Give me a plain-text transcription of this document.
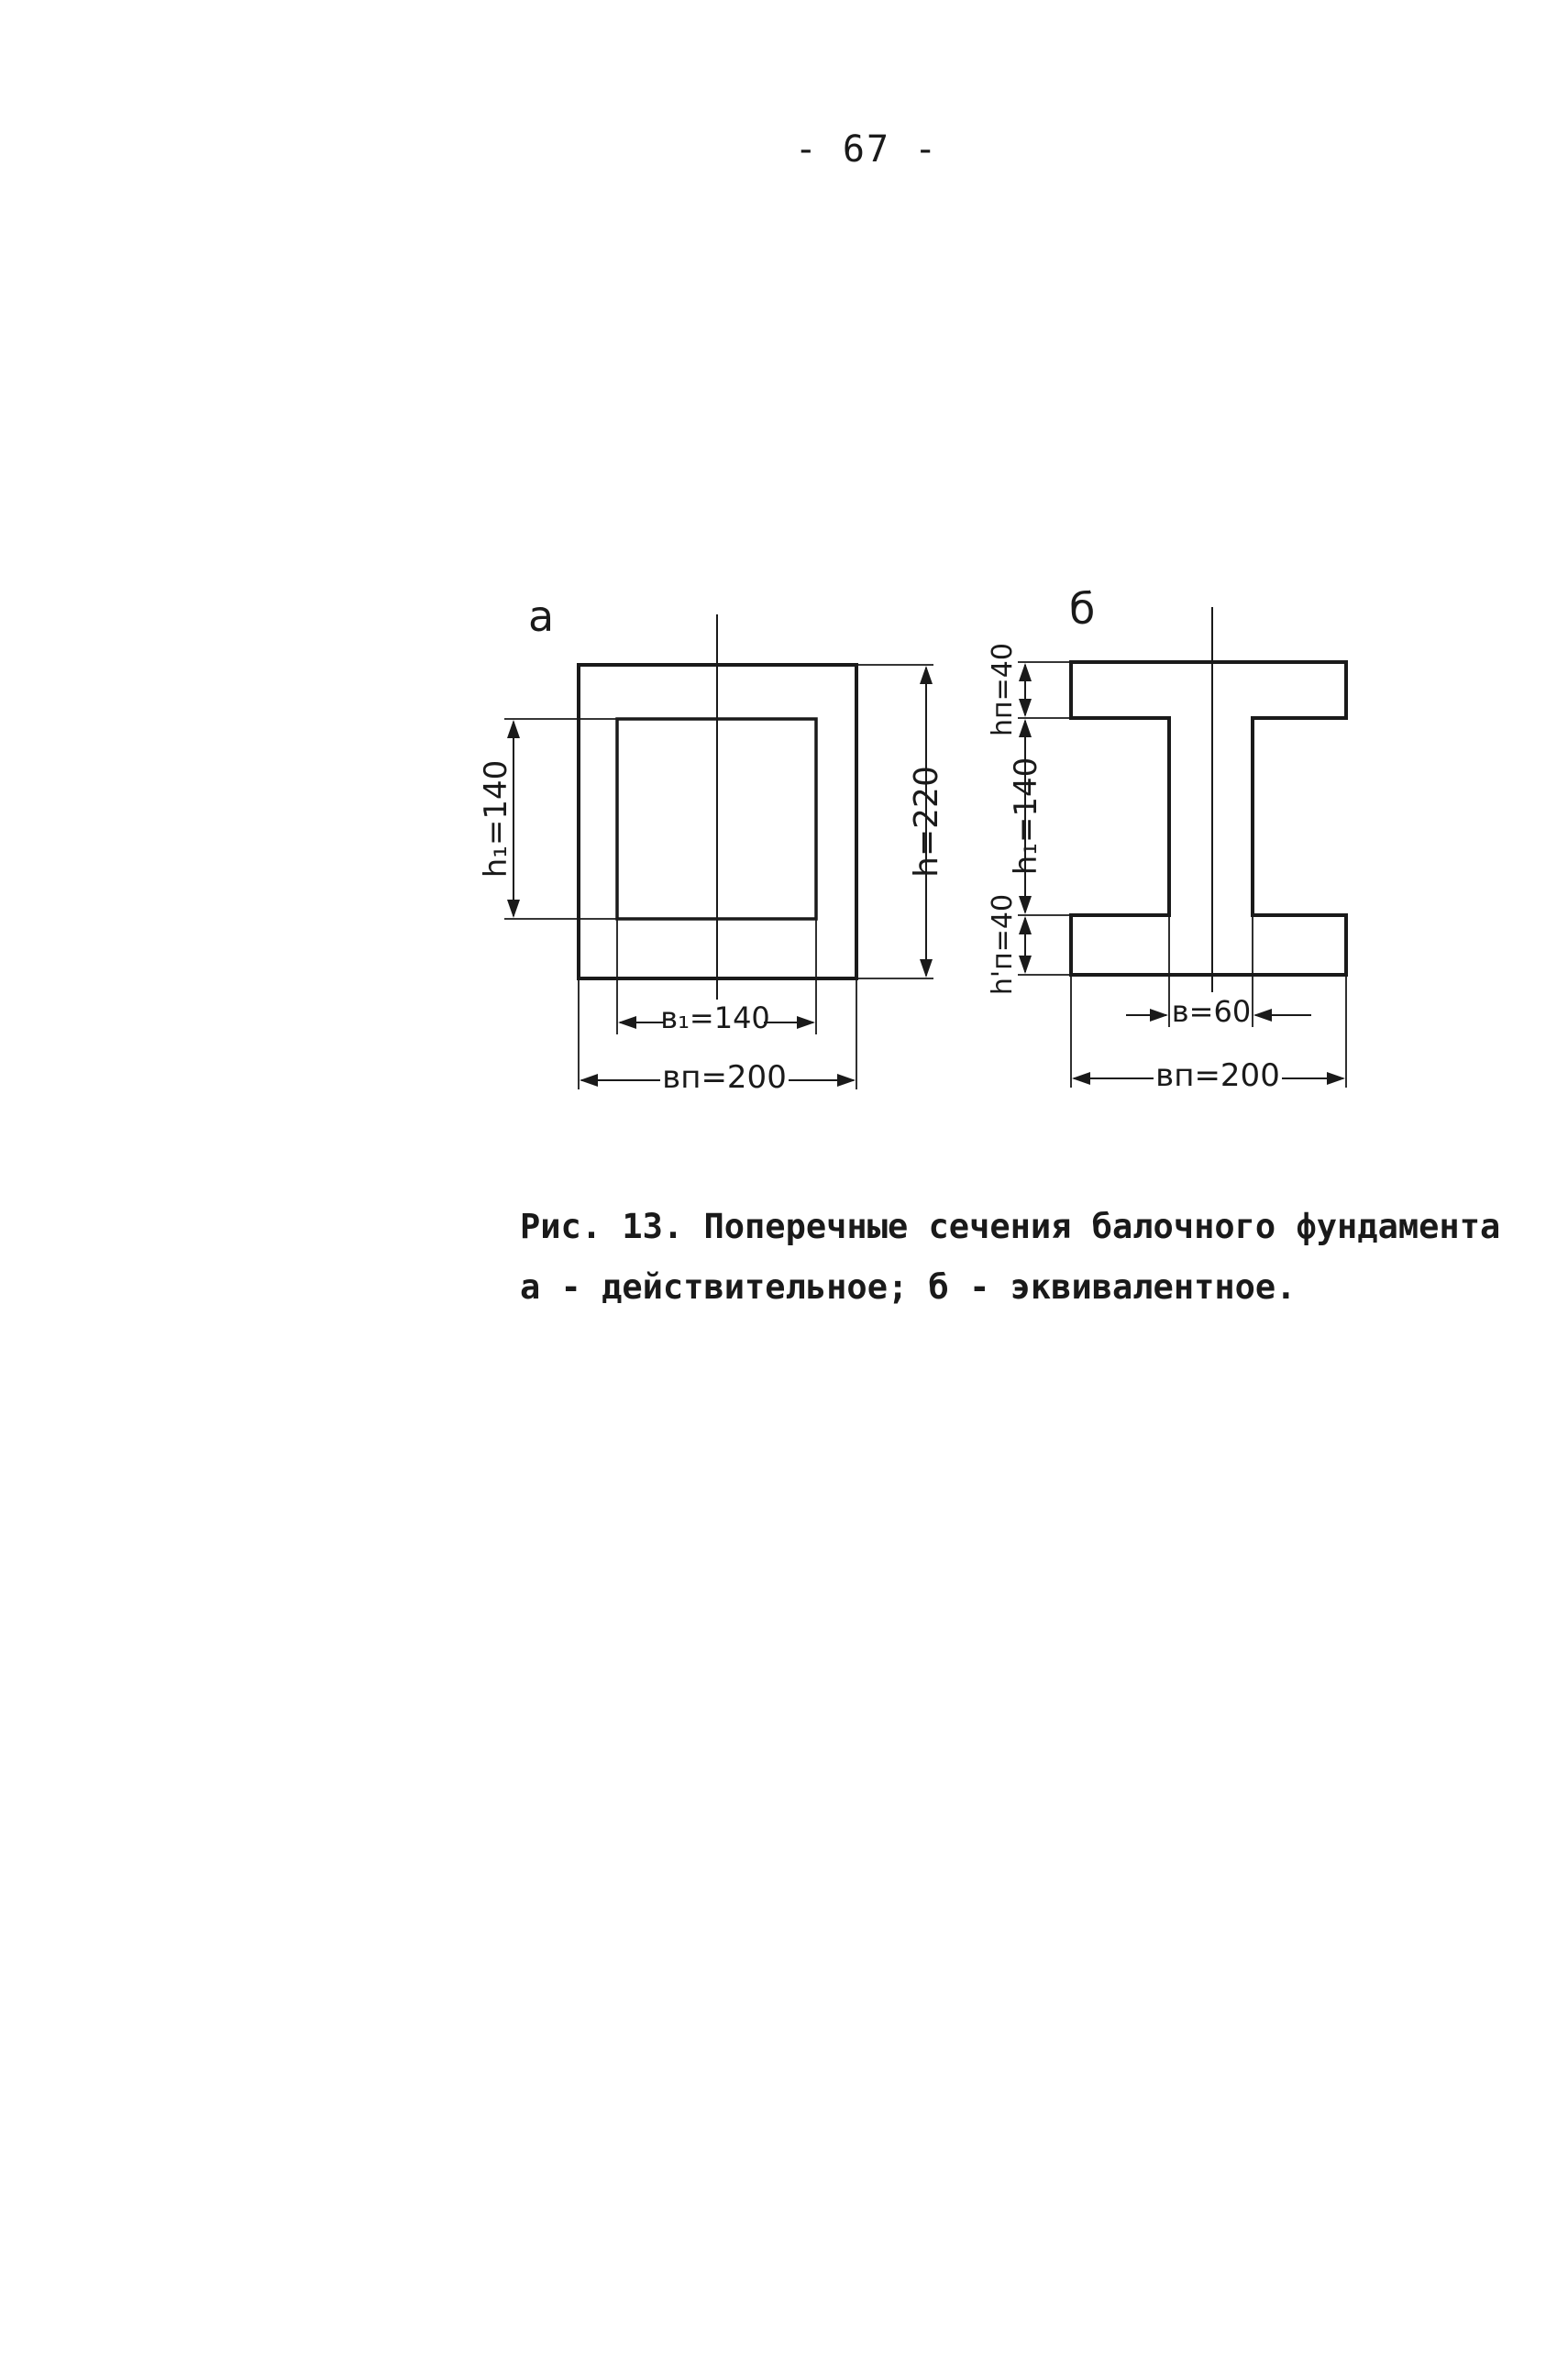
- 67 -
а
h₁=140	h=220
в₁=140
вп=200
б
hп=40
h₁=140
h'п=40
в=60
вп=200
Рис. 13. Поперечные сечения балочного фундамента
а - действительное; б - эквивалентное.
